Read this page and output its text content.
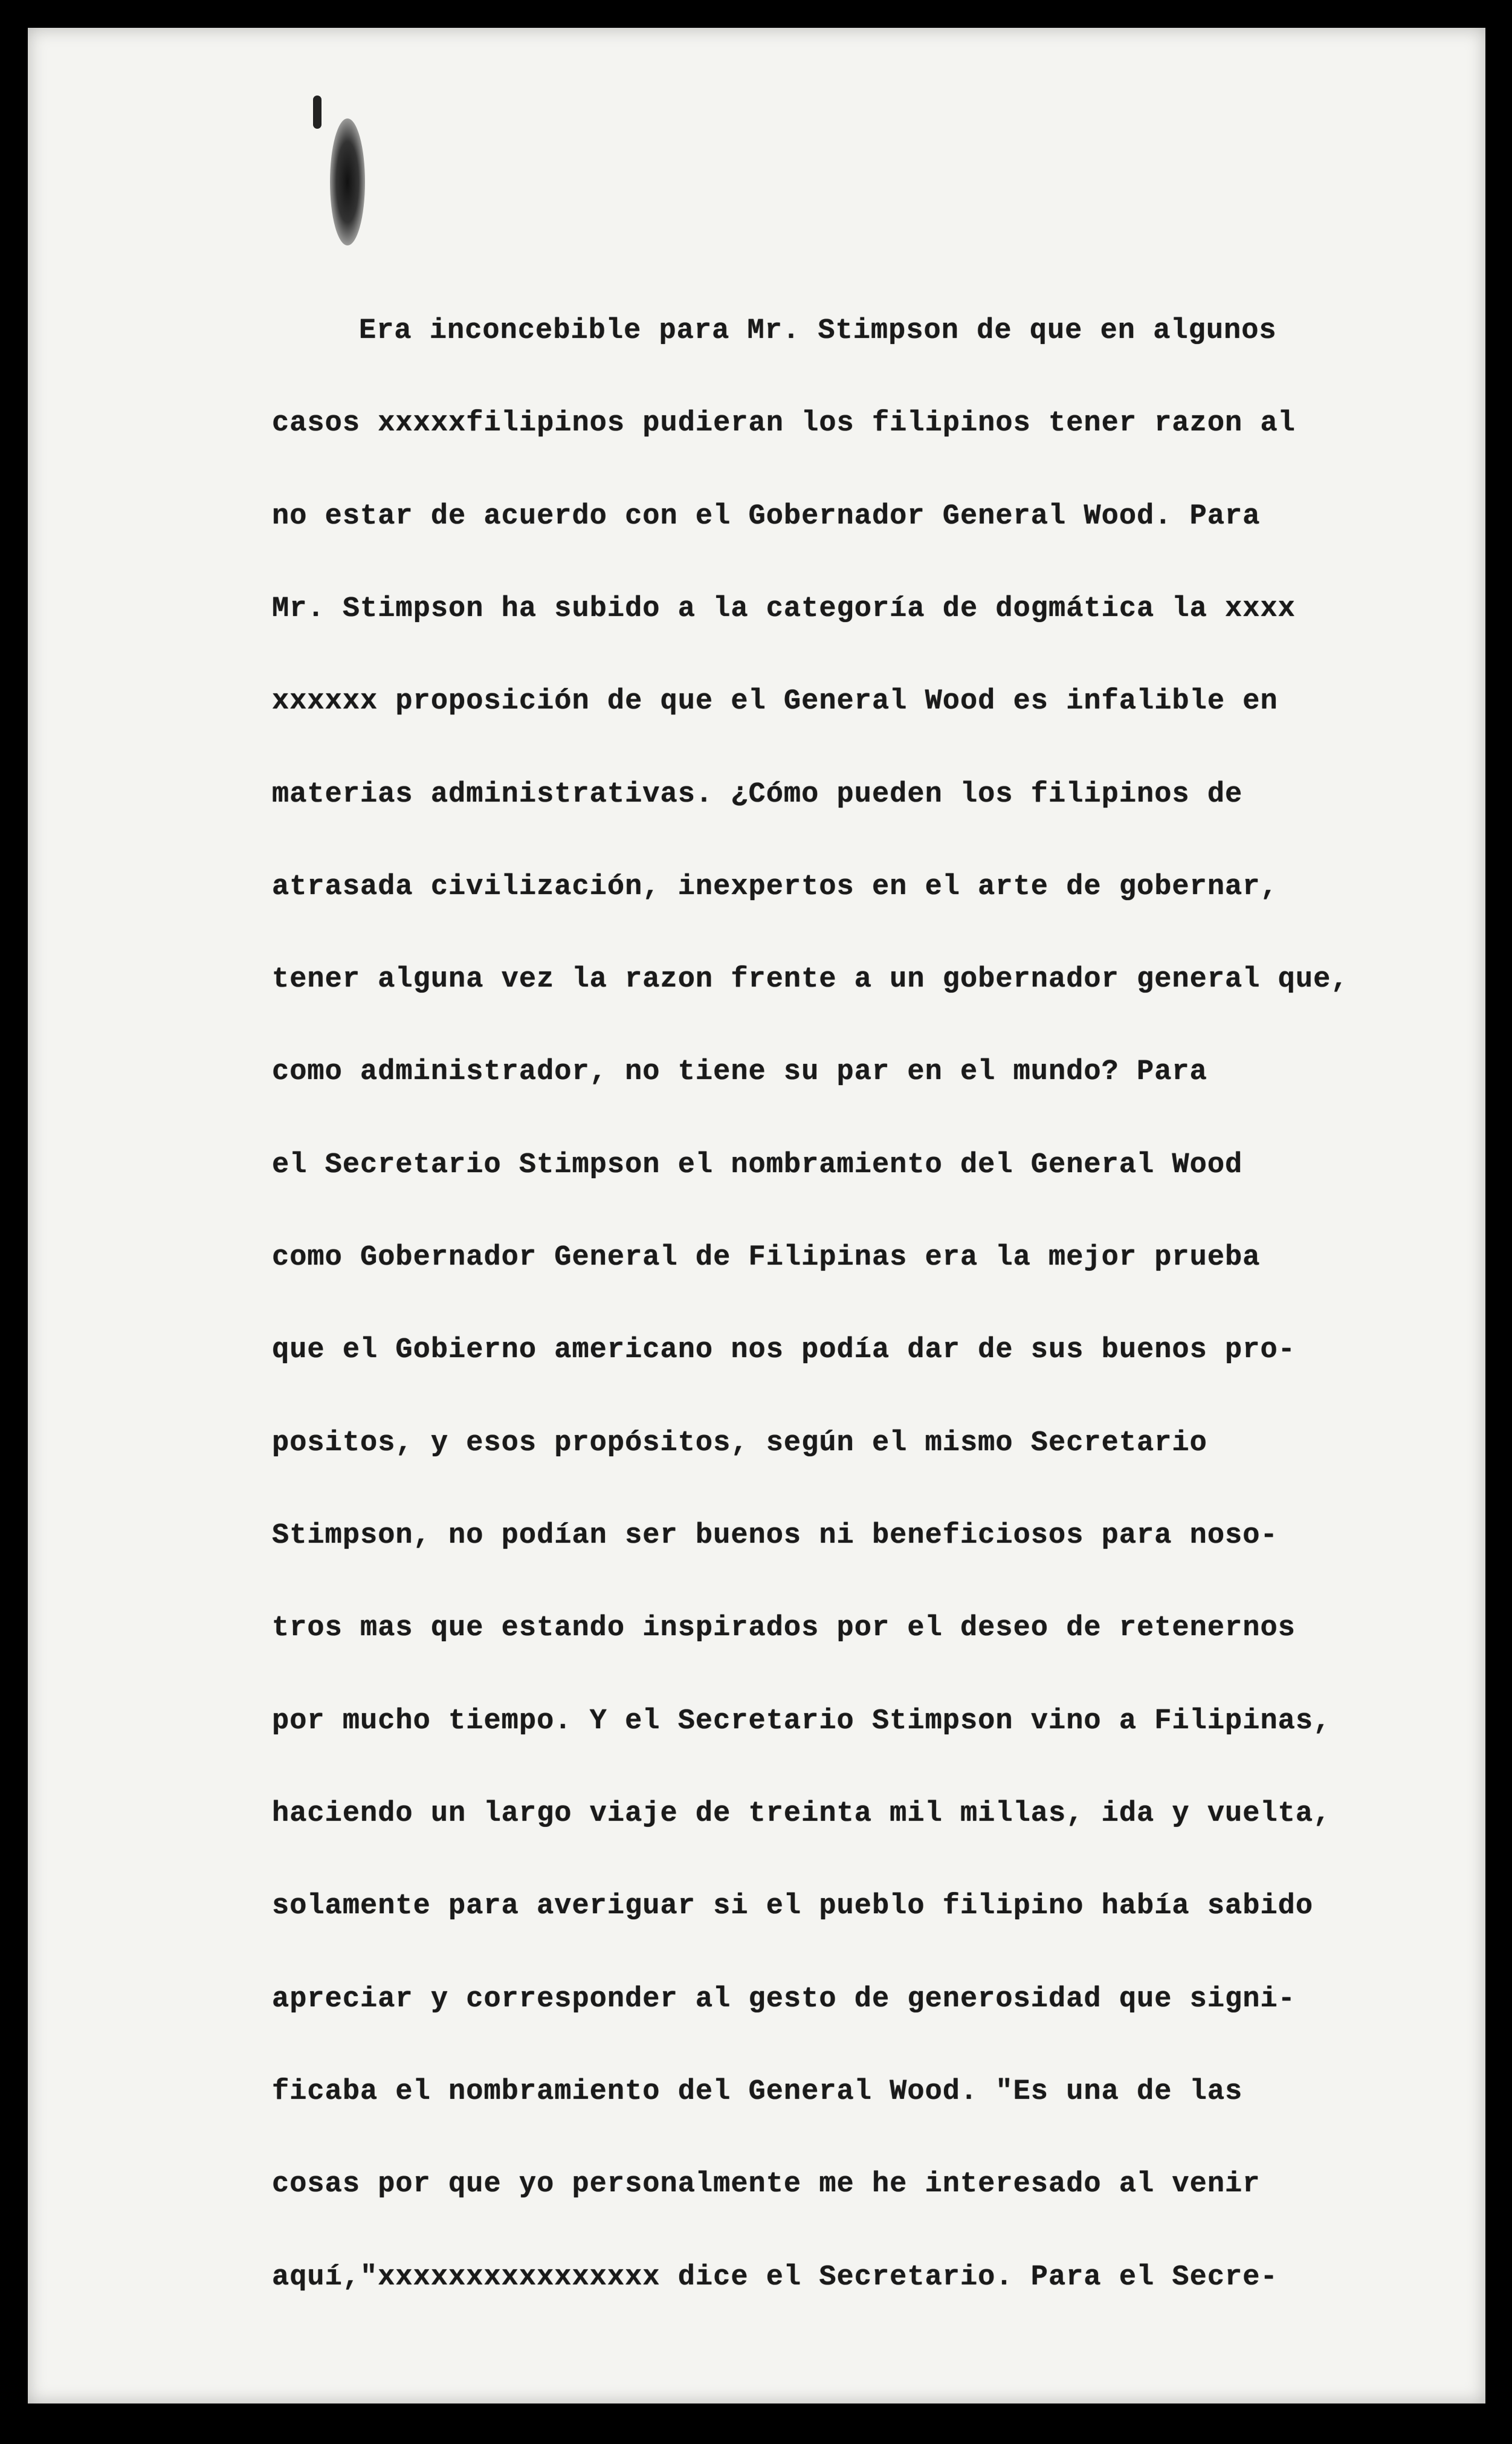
Era inconcebible para Mr. Stimpson de que en algunos
casos xxxxxfilipinos pudieran los filipinos tener razon al
no estar de acuerdo con el Gobernador General Wood. Para
Mr. Stimpson ha subido a la categoría de dogmática la xxxx
xxxxxx proposición de que el General Wood es infalible en
materias administrativas. ¿Cómo pueden los filipinos de
atrasada civilización, inexpertos en el arte de gobernar,
tener alguna vez la razon frente a un gobernador general que,
como administrador, no tiene su par en el mundo? Para
el Secretario Stimpson el nombramiento del General Wood
como Gobernador General de Filipinas era la mejor prueba
que el Gobierno americano nos podía dar de sus buenos pro-
positos, y esos propósitos, según el mismo Secretario
Stimpson, no podían ser buenos ni beneficiosos para noso-
tros mas que estando inspirados por el deseo de retenernos
por mucho tiempo. Y el Secretario Stimpson vino a Filipinas,
haciendo un largo viaje de treinta mil millas, ida y vuelta,
solamente para averiguar si el pueblo filipino había sabido
apreciar y corresponder al gesto de generosidad que signi-
ficaba el nombramiento del General Wood. "Es una de las
cosas por que yo personalmente me he interesado al venir
aquí,"xxxxxxxxxxxxxxxx dice el Secretario. Para el Secre-
